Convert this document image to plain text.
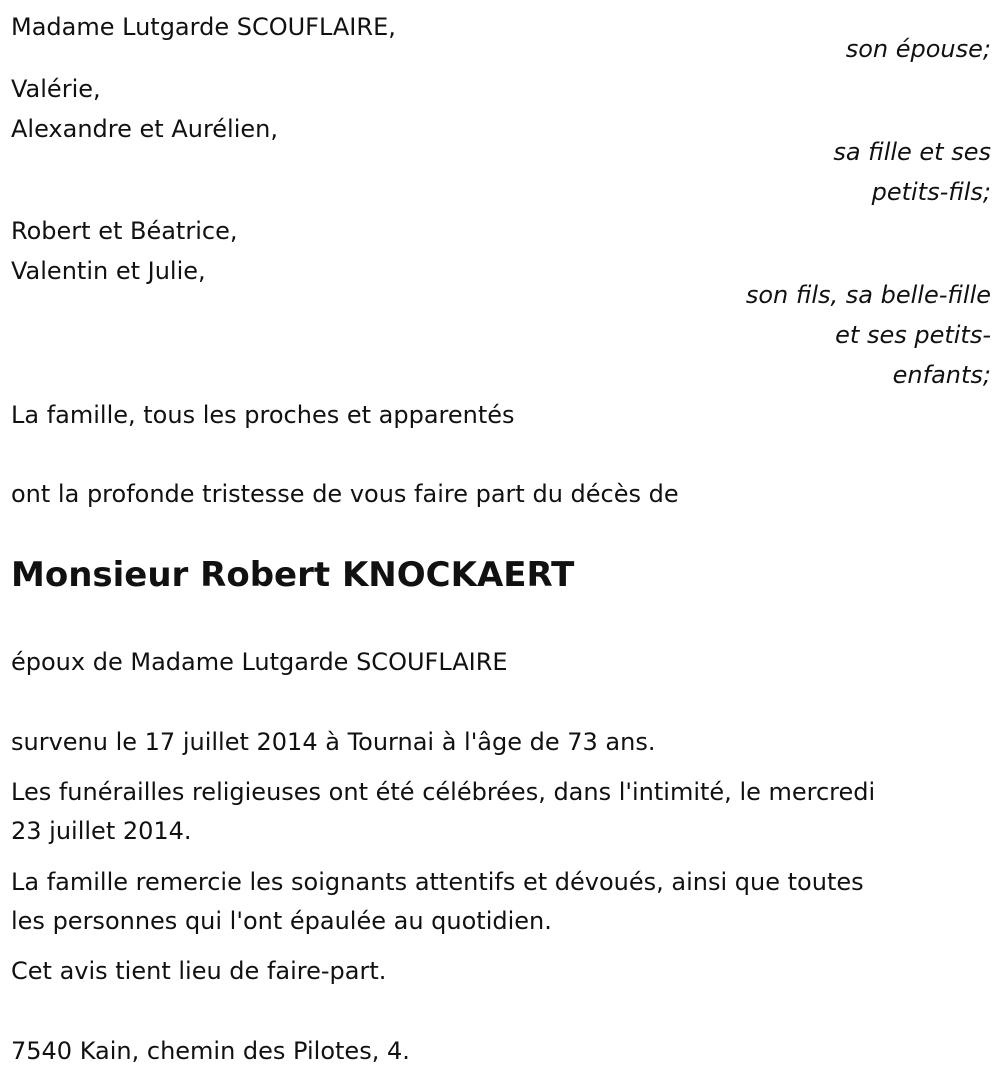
Madame Lutgarde SCOUFLAIRE,
son épouse;
Valérie,
Alexandre et Aurélien,
sa fille et ses
petits-fils;
Robert et Béatrice,
Valentin et Julie,
son fils, sa belle-fille
et ses petits-
enfants;
La famille, tous les proches et apparentés
ont la profonde tristesse de vous faire part du décès de
Monsieur Robert KNOCKAERT
époux de Madame Lutgarde SCOUFLAIRE
survenu le 17 juillet 2014 à Tournai à l'âge de 73 ans.
Les funérailles religieuses ont été célébrées, dans l'intimité, le mercredi
23 juillet 2014.
La famille remercie les soignants attentifs et dévoués, ainsi que toutes
les personnes qui l'ont épaulée au quotidien.
Cet avis tient lieu de faire-part.
7540 Kain, chemin des Pilotes, 4.
